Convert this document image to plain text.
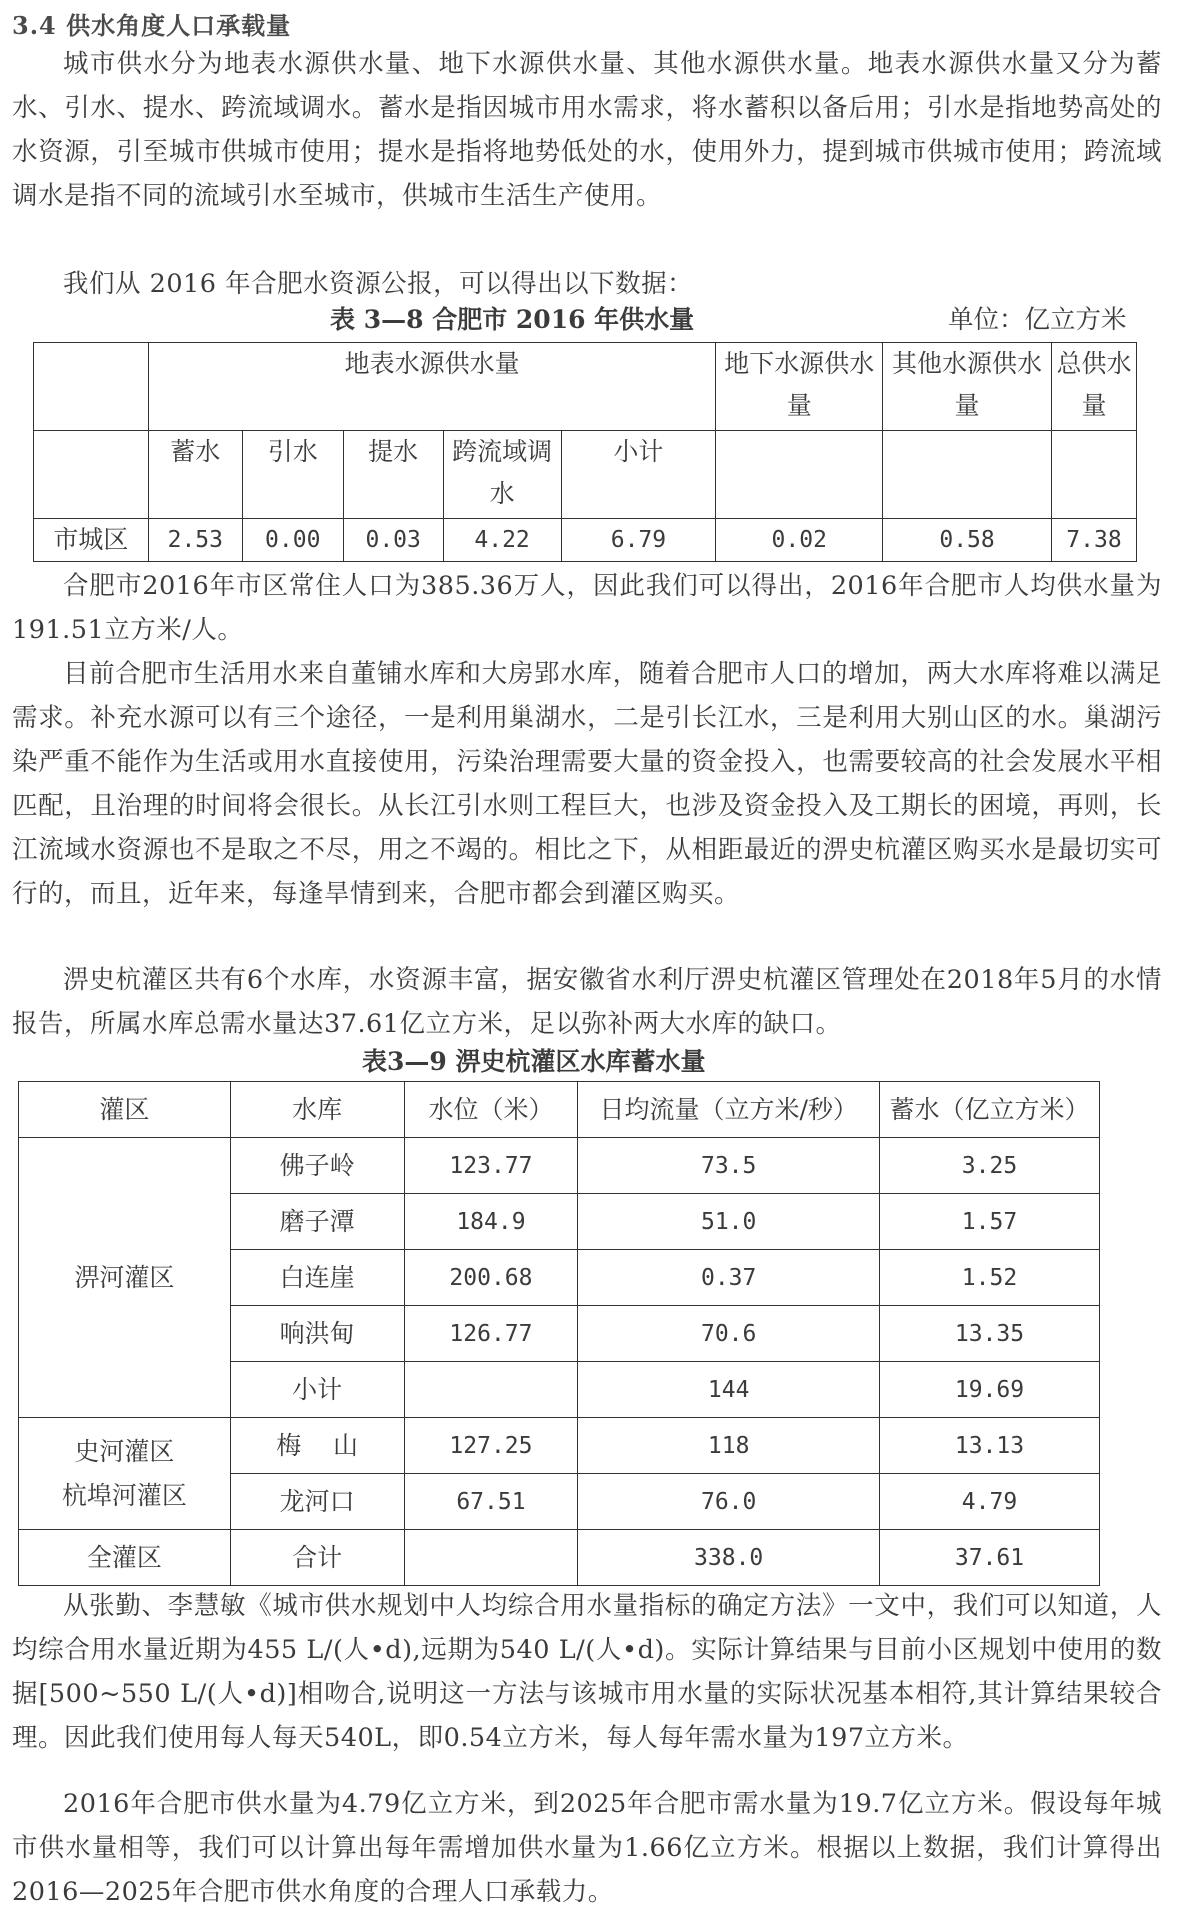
3.4 供水角度人口承载量

城市供水分为地表水源供水量、地下水源供水量、其他水源供水量。地表水源供水量又分为蓄水、引水、提水、跨流域调水。蓄水是指因城市用水需求，将水蓄积以备后用；引水是指地势高处的水资源，引至城市供城市使用；提水是指将地势低处的水，使用外力，提到城市供城市使用；跨流域调水是指不同的流域引水至城市，供城市生活生产使用。

我们从 2016 年合肥水资源公报，可以得出以下数据：

表 3—8 合肥市 2016 年供水量	单位：亿立方米

	地表水源供水量					地下水源供水量	其他水源供水量	总供水量
	蓄水	引水	提水	跨流域调水	小计			
市城区	2.53	0.00	0.03	4.22	6.79	0.02	0.58	7.38

合肥市2016年市区常住人口为385.36万人，因此我们可以得出，2016年合肥市人均供水量为191.51立方米/人。

目前合肥市生活用水来自董铺水库和大房郢水库，随着合肥市人口的增加，两大水库将难以满足需求。补充水源可以有三个途径，一是利用巢湖水，二是引长江水，三是利用大别山区的水。巢湖污染严重不能作为生活或用水直接使用，污染治理需要大量的资金投入，也需要较高的社会发展水平相匹配，且治理的时间将会很长。从长江引水则工程巨大，也涉及资金投入及工期长的困境，再则，长江流域水资源也不是取之不尽，用之不竭的。相比之下，从相距最近的淠史杭灌区购买水是最切实可行的，而且，近年来，每逢旱情到来，合肥市都会到灌区购买。

淠史杭灌区共有6个水库，水资源丰富，据安徽省水利厅淠史杭灌区管理处在2018年5月的水情报告，所属水库总需水量达37.61亿立方米，足以弥补两大水库的缺口。

表3—9 淠史杭灌区水库蓄水量

灌区	水库	水位（米）	日均流量（立方米/秒）	蓄水（亿立方米）

淠河灌区	佛子岭	123.77	73.5	3.25
	磨子潭	184.9	51.0	1.57
	白连崖	200.68	0.37	1.52
	响洪甸	126.77	70.6	13.35
	小计		144	19.69
史河灌区
杭埠河灌区	梅    山	127.25	118	13.13
	龙河口	67.51	76.0	4.79
全灌区	合计		338.0	37.61

从张勤、李慧敏《城市供水规划中人均综合用水量指标的确定方法》一文中，我们可以知道，人均综合用水量近期为455 L/(人•d),远期为540 L/(人•d)。实际计算结果与目前小区规划中使用的数据[500~550 L/(人•d)]相吻合,说明这一方法与该城市用水量的实际状况基本相符,其计算结果较合理。因此我们使用每人每天540L，即0.54立方米，每人每年需水量为197立方米。

2016年合肥市供水量为4.79亿立方米，到2025年合肥市需水量为19.7亿立方米。假设每年城市供水量相等，我们可以计算出每年需增加供水量为1.66亿立方米。根据以上数据，我们计算得出2016—2025年合肥市供水角度的合理人口承载力。
